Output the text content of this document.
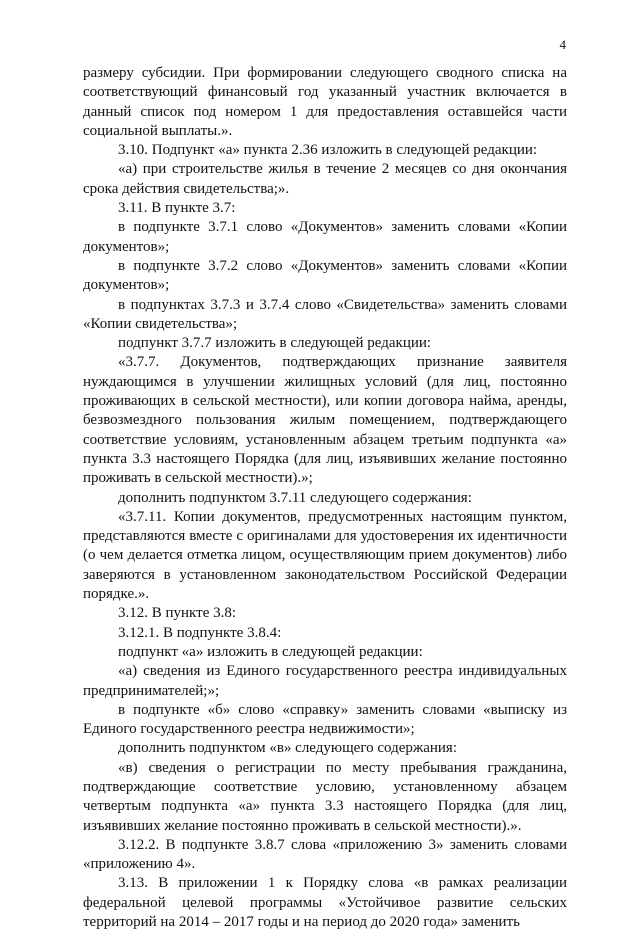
4

размеру субсидии. При формировании следующего сводного списка на соответствующий финансовый год указанный участник включается в данный список под номером 1 для предоставления оставшейся части социальной выплаты.».

3.10. Подпункт «а» пункта 2.36 изложить в следующей редакции:

«а) при строительстве жилья в течение 2 месяцев со дня окончания срока действия свидетельства;».

3.11. В пункте 3.7:

в подпункте 3.7.1 слово «Документов» заменить словами «Копии документов»;

в подпункте 3.7.2 слово «Документов» заменить словами «Копии документов»;

в подпунктах 3.7.3 и 3.7.4 слово «Свидетельства» заменить словами «Копии свидетельства»;

подпункт 3.7.7 изложить в следующей редакции:

«3.7.7. Документов, подтверждающих признание заявителя нуждающимся в улучшении жилищных условий (для лиц, постоянно проживающих в сельской местности), или копии договора найма, аренды, безвозмездного пользования жилым помещением, подтверждающего соответствие условиям, установленным абзацем третьим подпункта «а» пункта 3.3 настоящего Порядка (для лиц, изъявивших желание постоянно проживать в сельской местности).»;

дополнить подпунктом 3.7.11 следующего содержания:

«3.7.11. Копии документов, предусмотренных настоящим пунктом, представляются вместе с оригиналами для удостоверения их идентичности (о чем делается отметка лицом, осуществляющим прием документов) либо заверяются в установленном законодательством Российской Федерации порядке.».

3.12. В пункте 3.8:

3.12.1. В подпункте 3.8.4:

подпункт «а» изложить в следующей редакции:

«а) сведения из Единого государственного реестра индивидуальных предпринимателей;»;

в подпункте «б» слово «справку» заменить словами «выписку из Единого государственного реестра недвижимости»;

дополнить подпунктом «в» следующего содержания:

«в) сведения о регистрации по месту пребывания гражданина, подтверждающие соответствие условию, установленному абзацем четвертым подпункта «а» пункта 3.3 настоящего Порядка (для лиц, изъявивших желание постоянно проживать в сельской местности).».

3.12.2. В подпункте 3.8.7 слова «приложению 3» заменить словами «приложению 4».

3.13. В приложении 1 к Порядку слова «в рамках реализации федеральной целевой программы «Устойчивое развитие сельских территорий на 2014 – 2017 годы и на период до 2020 года» заменить
